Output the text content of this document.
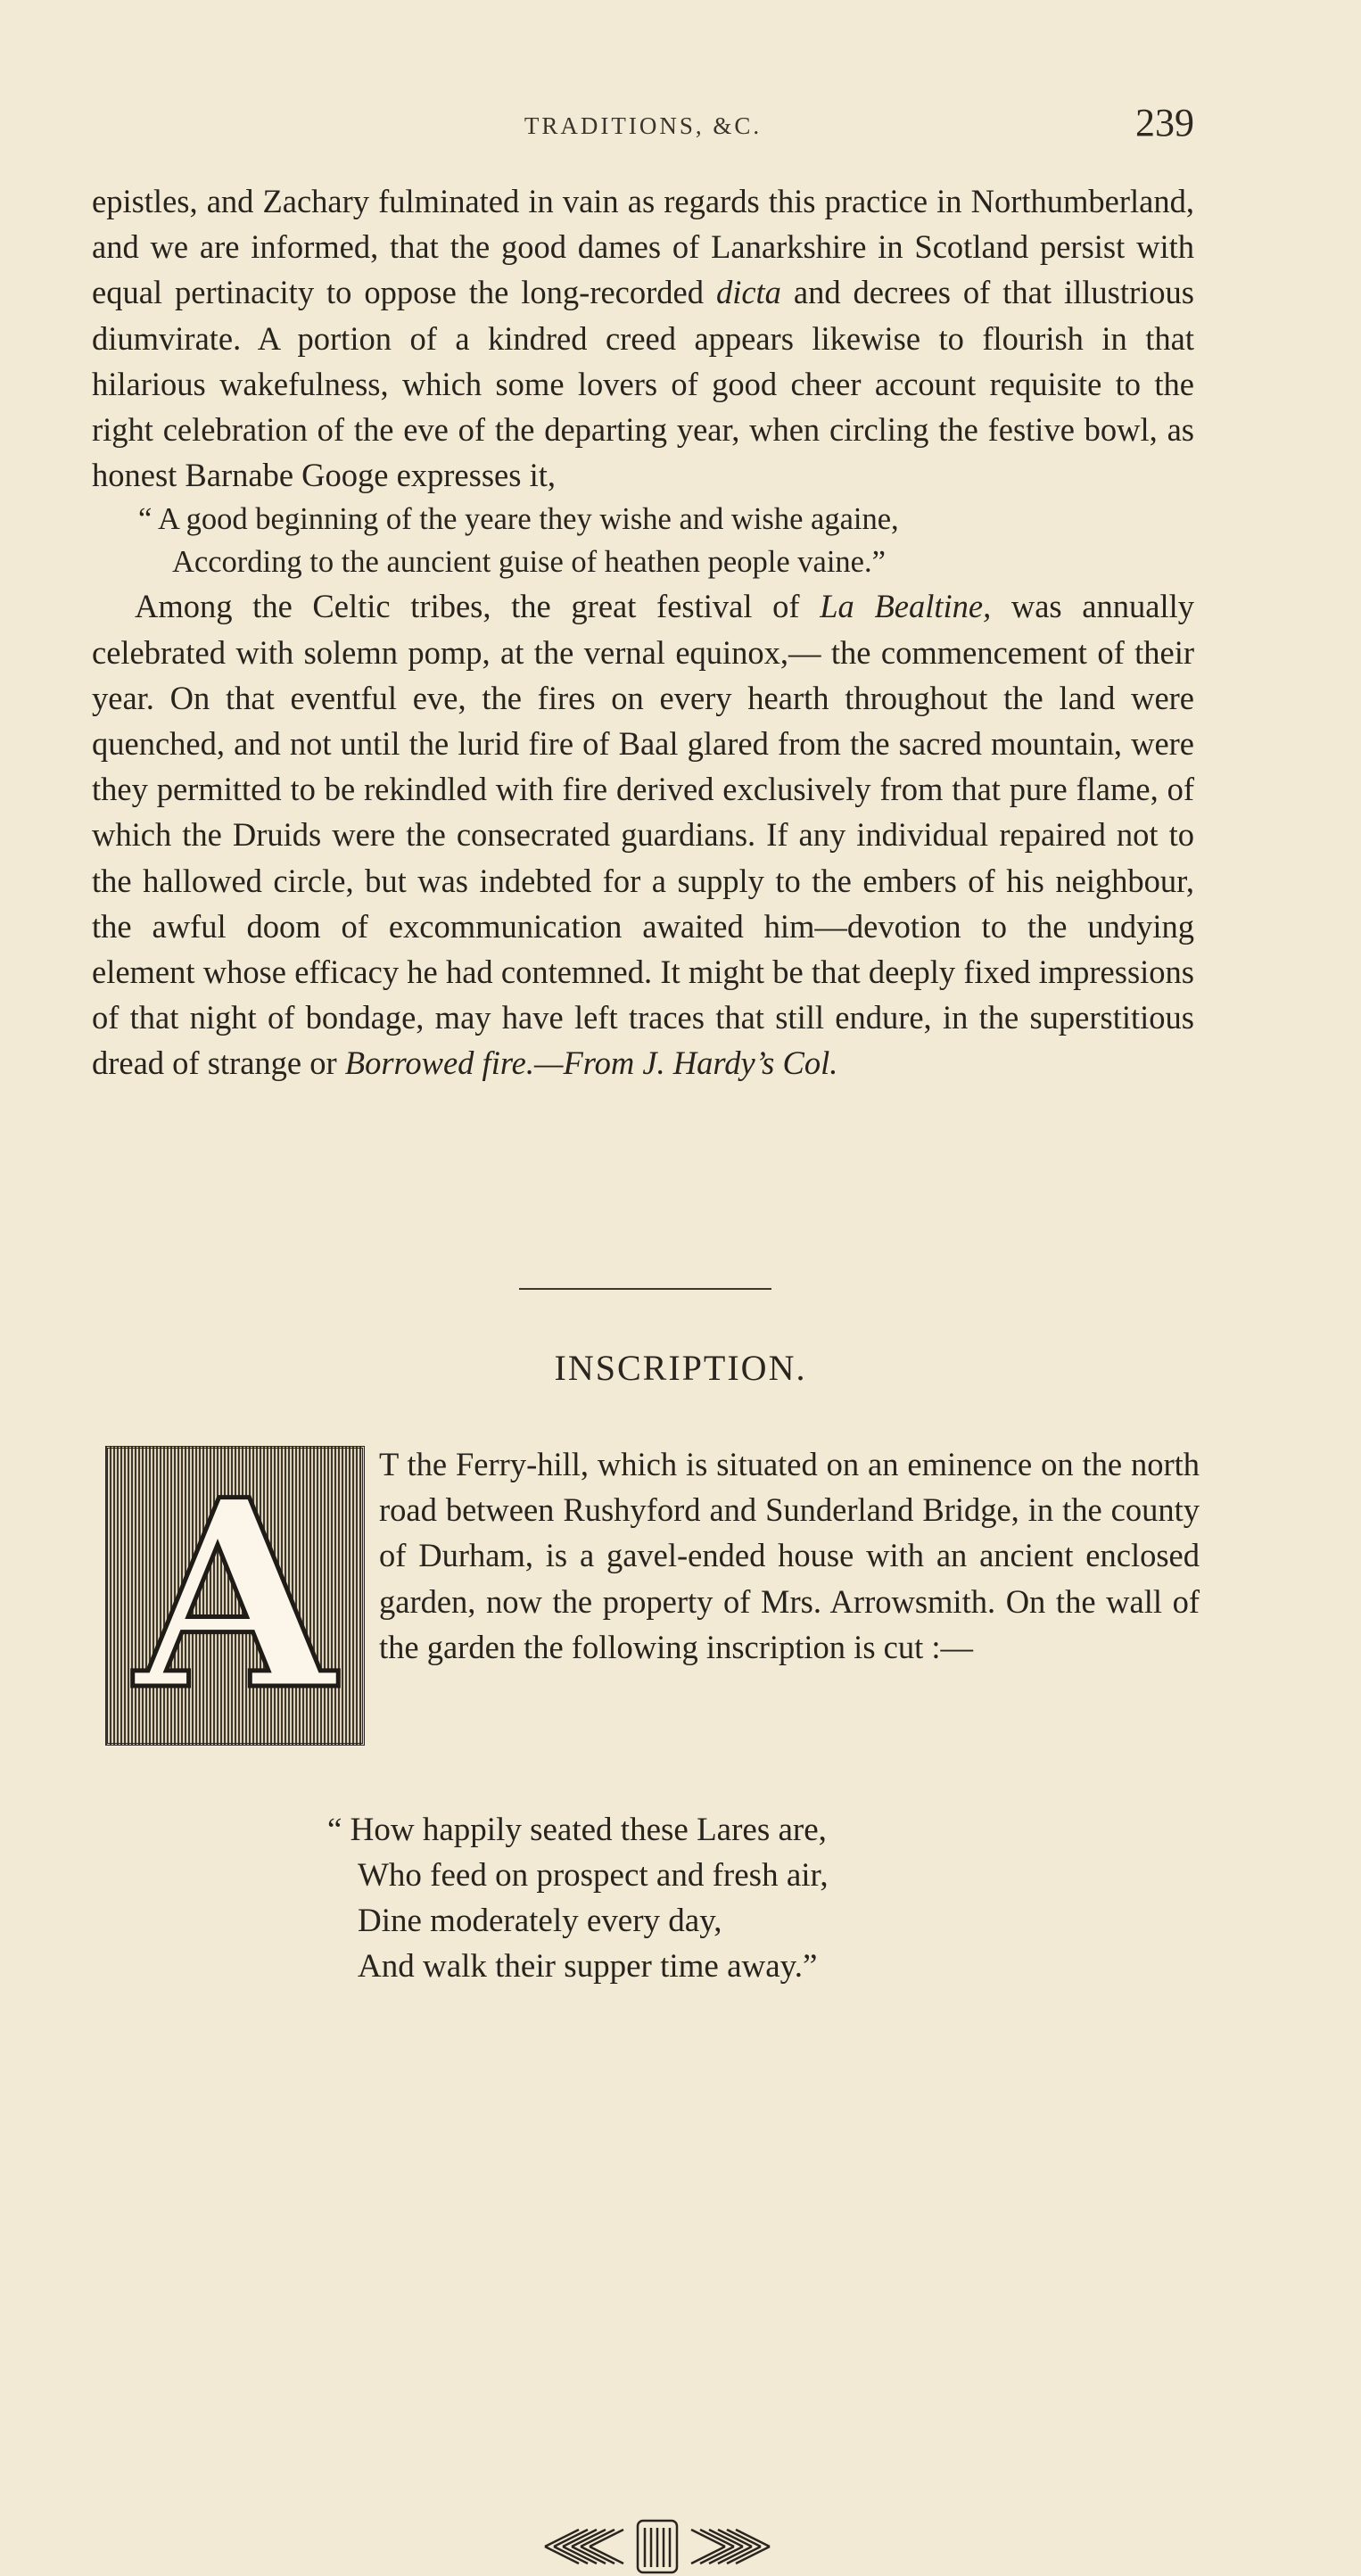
TRADITIONS, &C.	239

epistles, and Zachary fulminated in vain as regards this practice in Northumberland, and we are informed, that the good dames of Lanarkshire in Scotland persist with equal pertinacity to oppose the long-recorded dicta and decrees of that illustrious diumvirate. A portion of a kindred creed appears likewise to flourish in that hilarious wakefulness, which some lovers of good cheer account requisite to the right celebration of the eve of the departing year, when circling the festive bowl, as honest Barnabe Googe expresses it,

“ A good beginning of the yeare they wishe and wishe againe,
According to the auncient guise of heathen people vaine.”

Among the Celtic tribes, the great festival of La Bealtine, was annually celebrated with solemn pomp, at the vernal equinox,— the commencement of their year. On that eventful eve, the fires on every hearth throughout the land were quenched, and not until the lurid fire of Baal glared from the sacred mountain, were they permitted to be rekindled with fire derived exclusively from that pure flame, of which the Druids were the consecrated guardians. If any individual repaired not to the hallowed circle, but was indebted for a supply to the embers of his neighbour, the awful doom of excommunication awaited him—devotion to the undying element whose efficacy he had contemned. It might be that deeply fixed impressions of that night of bondage, may have left traces that still endure, in the superstitious dread of strange or Borrowed fire.—From J. Hardy’s Col.

INSCRIPTION.
A T the Ferry-hill, which is situated on an eminence on the north road between Rushyford and Sunderland Bridge, in the county of Durham, is a gavel-ended house with an ancient enclosed garden, now the property of Mrs. Arrowsmith. On the wall of the garden the following inscription is cut :—

“ How happily seated these Lares are,
Who feed on prospect and fresh air,
Dine moderately every day,
And walk their supper time away.”
